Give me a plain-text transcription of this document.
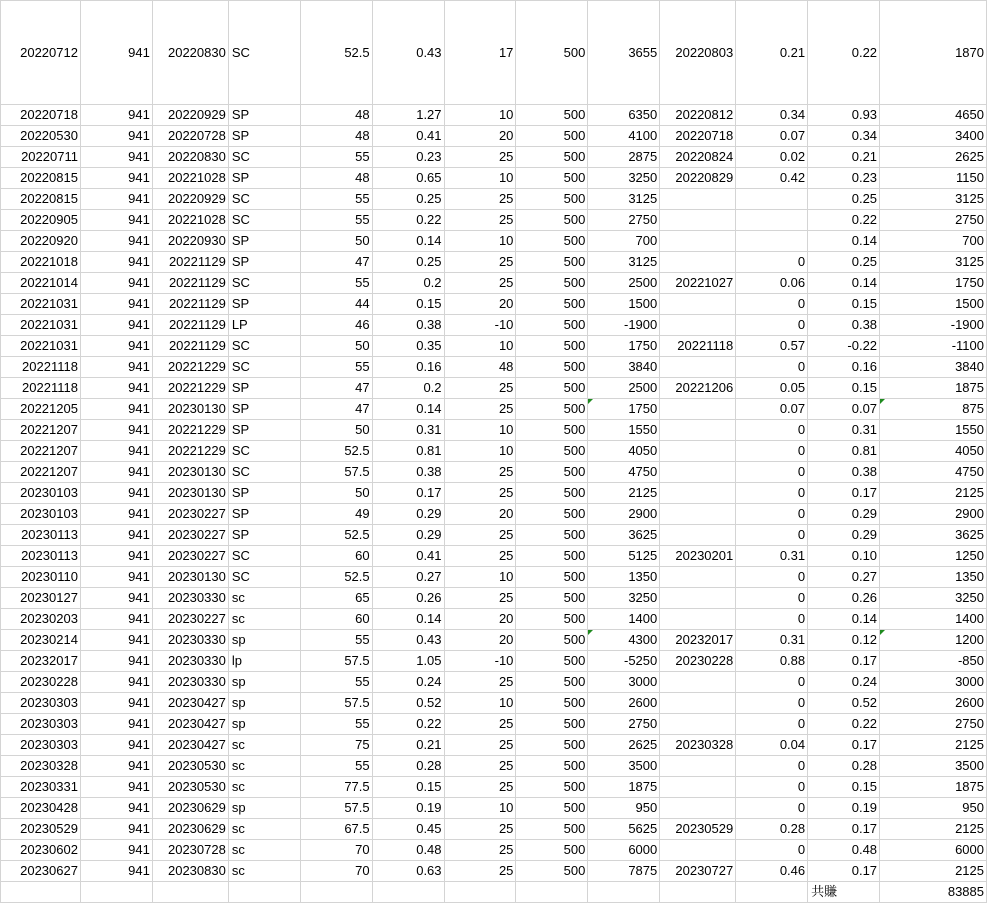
20220712	941	20220830	SC	52.5	0.43	17	500	3655	20220803	0.21	0.22	1870
20220718	941	20220929	SP	48	1.27	10	500	6350	20220812	0.34	0.93	4650
20220530	941	20220728	SP	48	0.41	20	500	4100	20220718	0.07	0.34	3400
20220711	941	20220830	SC	55	0.23	25	500	2875	20220824	0.02	0.21	2625
20220815	941	20221028	SP	48	0.65	10	500	3250	20220829	0.42	0.23	1150
20220815	941	20220929	SC	55	0.25	25	500	3125			0.25	3125
20220905	941	20221028	SC	55	0.22	25	500	2750			0.22	2750
20220920	941	20220930	SP	50	0.14	10	500	700			0.14	700
20221018	941	20221129	SP	47	0.25	25	500	3125		0	0.25	3125
20221014	941	20221129	SC	55	0.2	25	500	2500	20221027	0.06	0.14	1750
20221031	941	20221129	SP	44	0.15	20	500	1500		0	0.15	1500
20221031	941	20221129	LP	46	0.38	-10	500	-1900		0	0.38	-1900
20221031	941	20221129	SC	50	0.35	10	500	1750	20221118	0.57	-0.22	-1100
20221118	941	20221229	SC	55	0.16	48	500	3840		0	0.16	3840
20221118	941	20221229	SP	47	0.2	25	500	2500	20221206	0.05	0.15	1875
20221205	941	20230130	SP	47	0.14	25	500	1750		0.07	0.07	875
20221207	941	20221229	SP	50	0.31	10	500	1550		0	0.31	1550
20221207	941	20221229	SC	52.5	0.81	10	500	4050		0	0.81	4050
20221207	941	20230130	SC	57.5	0.38	25	500	4750		0	0.38	4750
20230103	941	20230130	SP	50	0.17	25	500	2125		0	0.17	2125
20230103	941	20230227	SP	49	0.29	20	500	2900		0	0.29	2900
20230113	941	20230227	SP	52.5	0.29	25	500	3625		0	0.29	3625
20230113	941	20230227	SC	60	0.41	25	500	5125	20230201	0.31	0.10	1250
20230110	941	20230130	SC	52.5	0.27	10	500	1350		0	0.27	1350
20230127	941	20230330	sc	65	0.26	25	500	3250		0	0.26	3250
20230203	941	20230227	sc	60	0.14	20	500	1400		0	0.14	1400
20230214	941	20230330	sp	55	0.43	20	500	4300	20232017	0.31	0.12	1200
20232017	941	20230330	lp	57.5	1.05	-10	500	-5250	20230228	0.88	0.17	-850
20230228	941	20230330	sp	55	0.24	25	500	3000		0	0.24	3000
20230303	941	20230427	sp	57.5	0.52	10	500	2600		0	0.52	2600
20230303	941	20230427	sp	55	0.22	25	500	2750		0	0.22	2750
20230303	941	20230427	sc	75	0.21	25	500	2625	20230328	0.04	0.17	2125
20230328	941	20230530	sc	55	0.28	25	500	3500		0	0.28	3500
20230331	941	20230530	sc	77.5	0.15	25	500	1875		0	0.15	1875
20230428	941	20230629	sp	57.5	0.19	10	500	950		0	0.19	950
20230529	941	20230629	sc	67.5	0.45	25	500	5625	20230529	0.28	0.17	2125
20230602	941	20230728	sc	70	0.48	25	500	6000		0	0.48	6000
20230627	941	20230830	sc	70	0.63	25	500	7875	20230727	0.46	0.17	2125
											共賺	83885
